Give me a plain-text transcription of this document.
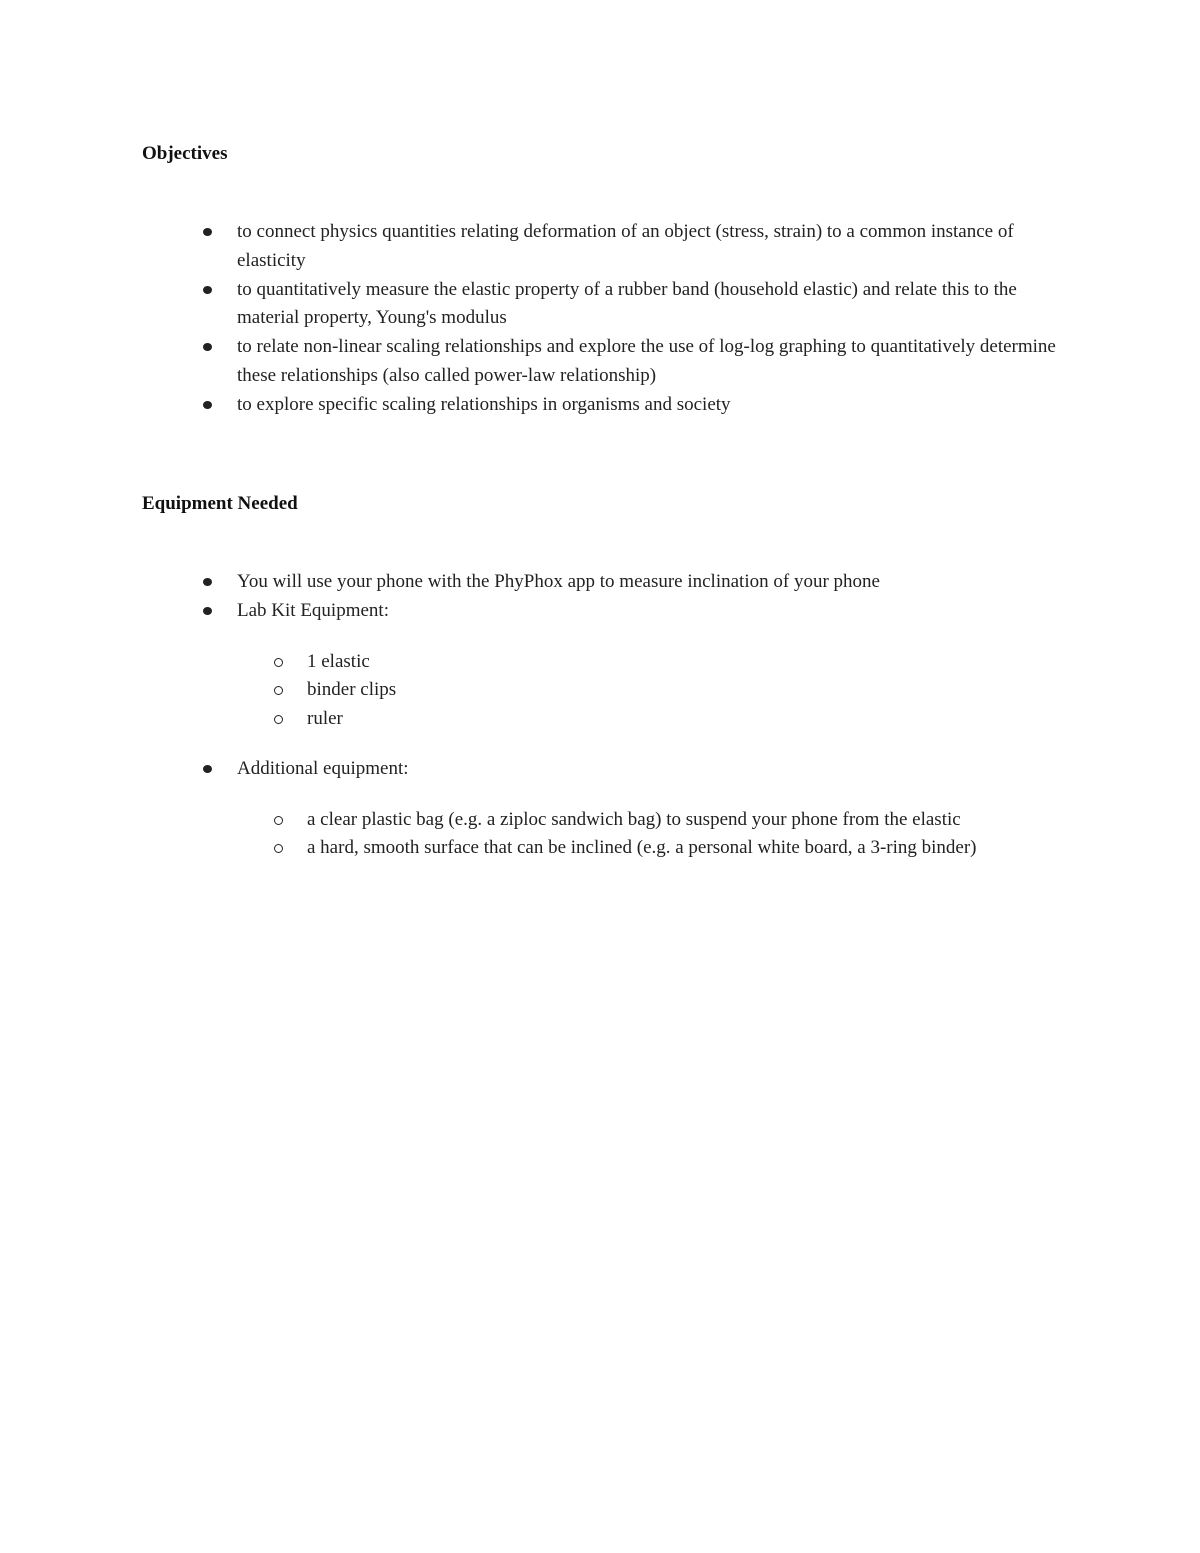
Objectives
to connect physics quantities relating deformation of an object (stress, strain) to a common instance of elasticity
to quantitatively measure the elastic property of a rubber band (household elastic) and relate this to the material property, Young's modulus
to relate non-linear scaling relationships and explore the use of log-log graphing to quantitatively determine these relationships (also called power-law relationship)
to explore specific scaling relationships in organisms and society
Equipment Needed
You will use your phone with the PhyPhox app to measure inclination of your phone
Lab Kit Equipment:
1 elastic
binder clips
ruler
Additional equipment:
a clear plastic bag (e.g. a ziploc sandwich bag) to suspend your phone from the elastic
a hard, smooth surface that can be inclined (e.g. a personal white board, a 3-ring binder)
